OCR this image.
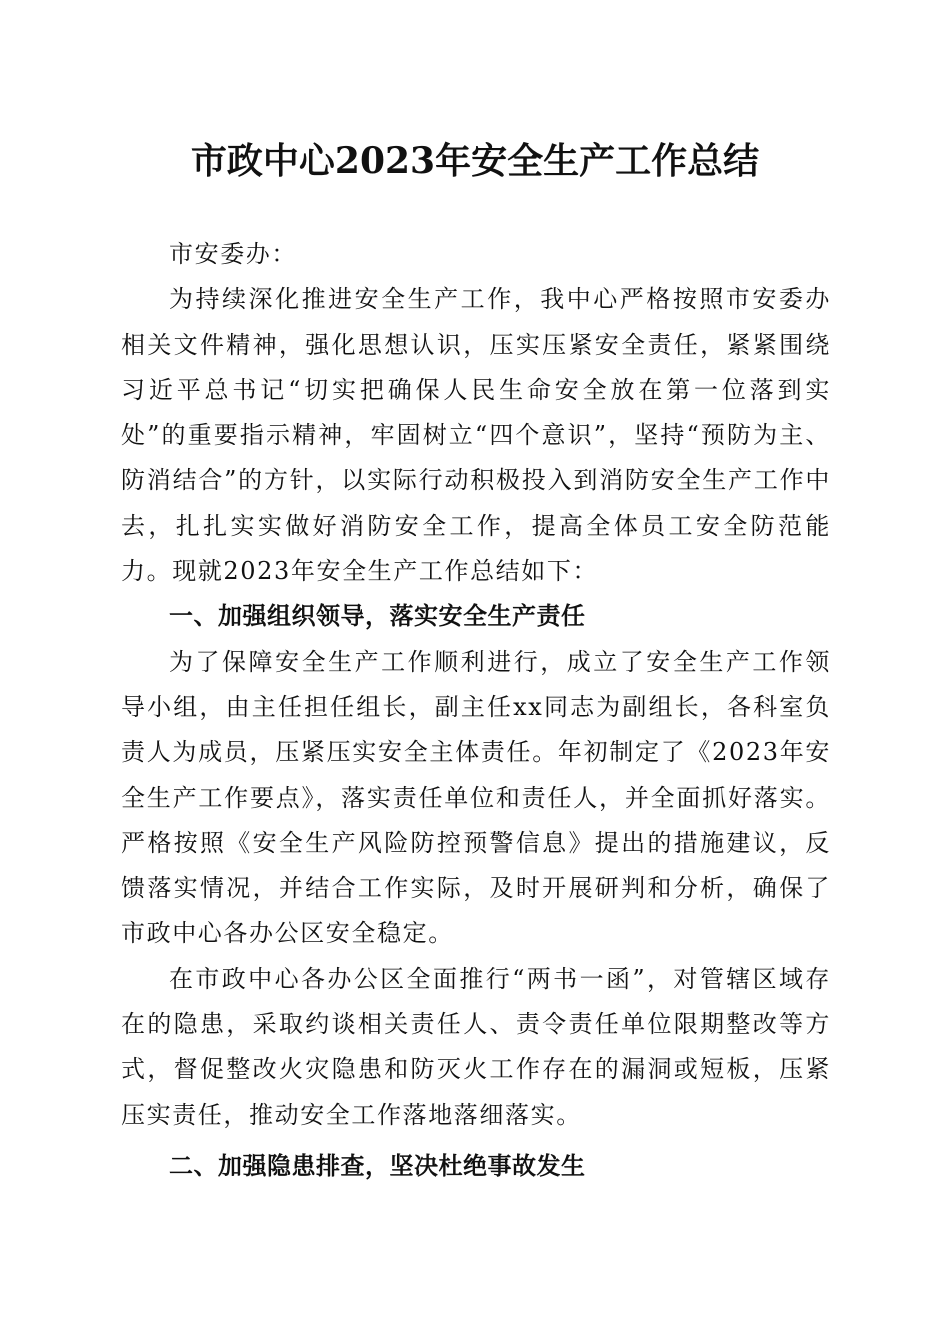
市政中心2023年安全生产工作总结

市安委办：

为持续深化推进安全生产工作，我中心严格按照市安委办相关文件精神，强化思想认识，压实压紧安全责任，紧紧围绕习近平总书记“切实把确保人民生命安全放在第一位落到实处”的重要指示精神，牢固树立“四个意识”，坚持“预防为主、防消结合”的方针，以实际行动积极投入到消防安全生产工作中去，扎扎实实做好消防安全工作，提高全体员工安全防范能力。现就2023年安全生产工作总结如下：

一、加强组织领导，落实安全生产责任

为了保障安全生产工作顺利进行，成立了安全生产工作领导小组，由主任担任组长，副主任xx同志为副组长，各科室负责人为成员，压紧压实安全主体责任。年初制定了《2023年安全生产工作要点》，落实责任单位和责任人，并全面抓好落实。严格按照《安全生产风险防控预警信息》提出的措施建议，反馈落实情况，并结合工作实际，及时开展研判和分析，确保了市政中心各办公区安全稳定。

在市政中心各办公区全面推行“两书一函”，对管辖区域存在的隐患，采取约谈相关责任人、责令责任单位限期整改等方式，督促整改火灾隐患和防灭火工作存在的漏洞或短板，压紧压实责任，推动安全工作落地落细落实。

二、加强隐患排查，坚决杜绝事故发生
